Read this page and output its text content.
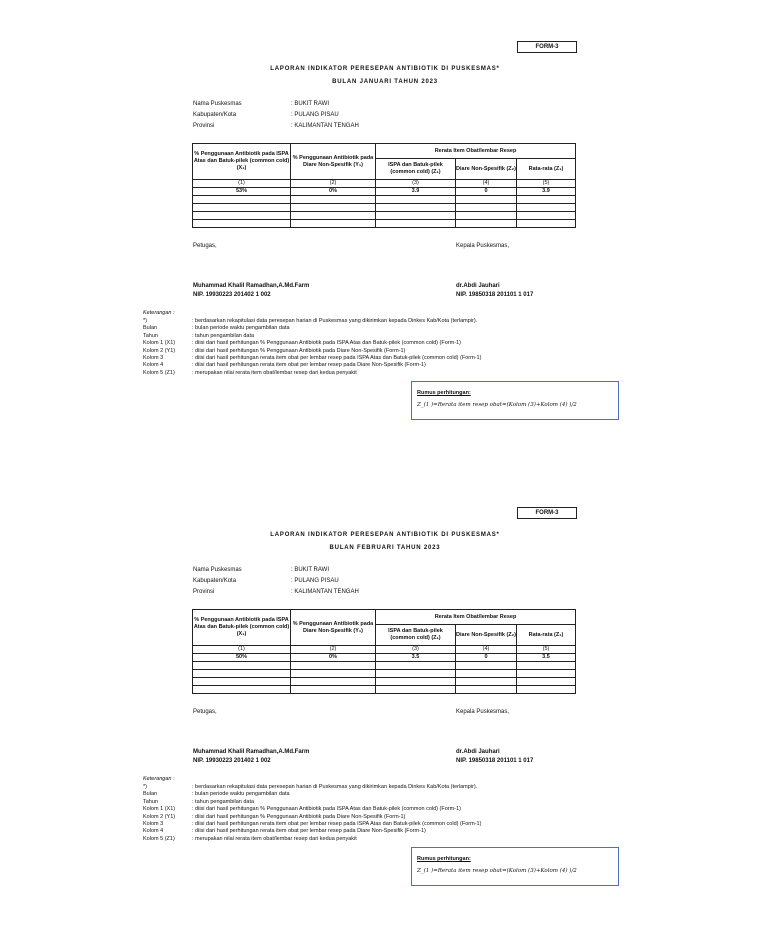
FORM-3
LAPORAN INDIKATOR PERESEPAN ANTIBIOTIK DI PUSKESMAS*
BULAN JANUARI TAHUN 2023
Nama Puskesmas	: BUKIT RAWI
Kabupaten/Kota	: PULANG PISAU
Provinsi	: KALIMANTAN TENGAH
% Penggunaan Antibiotik pada ISPA Atas dan Batuk-pilek (common cold) (X₁)	% Penggunaan Antibiotik pada Diare Non-Spesifik (Y₁)	Rerata Item Obat/lembar Resep		
		ISPA dan Batuk-pilek (common cold) (Z₁)	Diare Non-Spesifik (Z₂)	Rata-rata (Z₁)
(1)	(2)	(3)	(4)	(5)
53%	0%	3.9	0	3.9

Petugas,	Kepala Puskesmas,
Muhammad Khalil Ramadhan,A.Md.Farm
NIP. 19930223 201402 1 002
dr.Abdi Jauhari
NIP. 19850318 201101 1 017
Keterangan :
*)	: berdasarkan rekapitulasi data peresepan harian di Puskesmas yang dikirimkan kepada Dinkes Kab/Kota (terlampir).
Bulan	: bulan periode waktu pengambilan data
Tahun	: tahun pengambilan data
Kolom 1 (X1)	: diisi dari hasil perhitungan % Penggunaan Antibiotik pada ISPA Atas dan Batuk-pilek (common cold) (Form-1)
Kolom 2 (Y1)	: diisi dari hasil perhitungan % Penggunaan Antibiotik pada Diare Non-Spesifik (Form-1)
Kolom 3	: diisi dari hasil perhitungan rerata item obat per lembar resep pada ISPA Atas dan Batuk-pilek (common cold) (Form-1)
Kolom 4	: diisi dari hasil perhitungan rerata item obat per lembar resep pada Diare Non-Spesifik (Form-1)
Kolom 5 (Z1)	: merupakan nilai rerata item obat/lembar resep dari kedua penyakit
Rumus perhitungan:
Z_(1 )=Rerata item resep obat=(Kolom (3)+Kolom (4) )/2
FORM-3
LAPORAN INDIKATOR PERESEPAN ANTIBIOTIK DI PUSKESMAS*
BULAN FEBRUARI TAHUN 2023
Nama Puskesmas	: BUKIT RAWI
Kabupaten/Kota	: PULANG PISAU
Provinsi	: KALIMANTAN TENGAH
% Penggunaan Antibiotik pada ISPA Atas dan Batuk-pilek (common cold) (X₁)	% Penggunaan Antibiotik pada Diare Non-Spesifik (Y₁)	Rerata Item Obat/lembar Resep		
		ISPA dan Batuk-pilek (common cold) (Z₁)	Diare Non-Spesifik (Z₂)	Rata-rata (Z₁)
(1)	(2)	(3)	(4)	(5)
50%	0%	3.5	0	3.5

Petugas,	Kepala Puskesmas,
Muhammad Khalil Ramadhan,A.Md.Farm
NIP. 19930223 201402 1 002
dr.Abdi Jauhari
NIP. 19850318 201101 1 017
Keterangan :
*)	: berdasarkan rekapitulasi data peresepan harian di Puskesmas yang dikirimkan kepada Dinkes Kab/Kota (terlampir).
Bulan	: bulan periode waktu pengambilan data
Tahun	: tahun pengambilan data
Kolom 1 (X1)	: diisi dari hasil perhitungan % Penggunaan Antibiotik pada ISPA Atas dan Batuk-pilek (common cold) (Form-1)
Kolom 2 (Y1)	: diisi dari hasil perhitungan % Penggunaan Antibiotik pada Diare Non-Spesifik (Form-1)
Kolom 3	: diisi dari hasil perhitungan rerata item obat per lembar resep pada ISPA Atas dan Batuk-pilek (common cold) (Form-1)
Kolom 4	: diisi dari hasil perhitungan rerata item obat per lembar resep pada Diare Non-Spesifik (Form-1)
Kolom 5 (Z1)	: merupakan nilai rerata item obat/lembar resep dari kedua penyakit
Rumus perhitungan:
Z_(1 )=Rerata item resep obat=(Kolom (3)+Kolom (4) )/2
